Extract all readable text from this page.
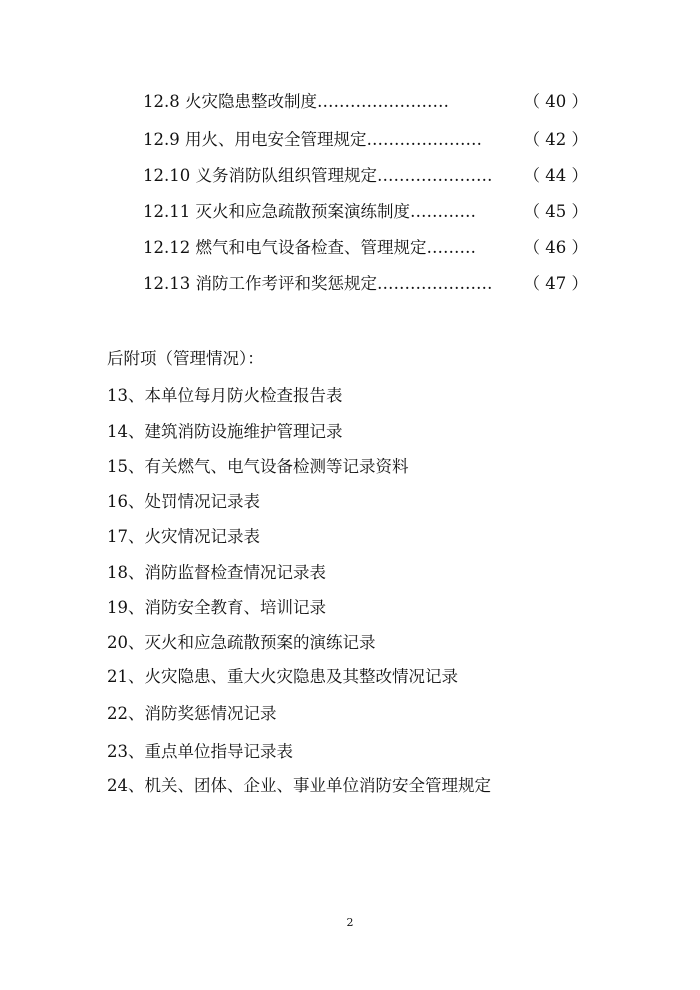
12.8 火灾隐患整改制度……………………	（ 40 ）
12.9 用火、用电安全管理规定…………………	（ 42 ）
12.10 义务消防队组织管理规定………………… （ 44 ）
12.11 灭火和应急疏散预案演练制度…………	（ 45 ）
12.12 燃气和电气设备检查、管理规定………	（ 46 ）
12.13 消防工作考评和奖惩规定………………… （ 47 ）
后附项（管理情况）：
13、本单位每月防火检查报告表
14、建筑消防设施维护管理记录
15、有关燃气、电气设备检测等记录资料
16、处罚情况记录表
17、火灾情况记录表
18、消防监督检查情况记录表
19、消防安全教育、培训记录
20、灭火和应急疏散预案的演练记录
21、火灾隐患、重大火灾隐患及其整改情况记录
22、消防奖惩情况记录
23、重点单位指导记录表
24、机关、团体、企业、事业单位消防安全管理规定
2
